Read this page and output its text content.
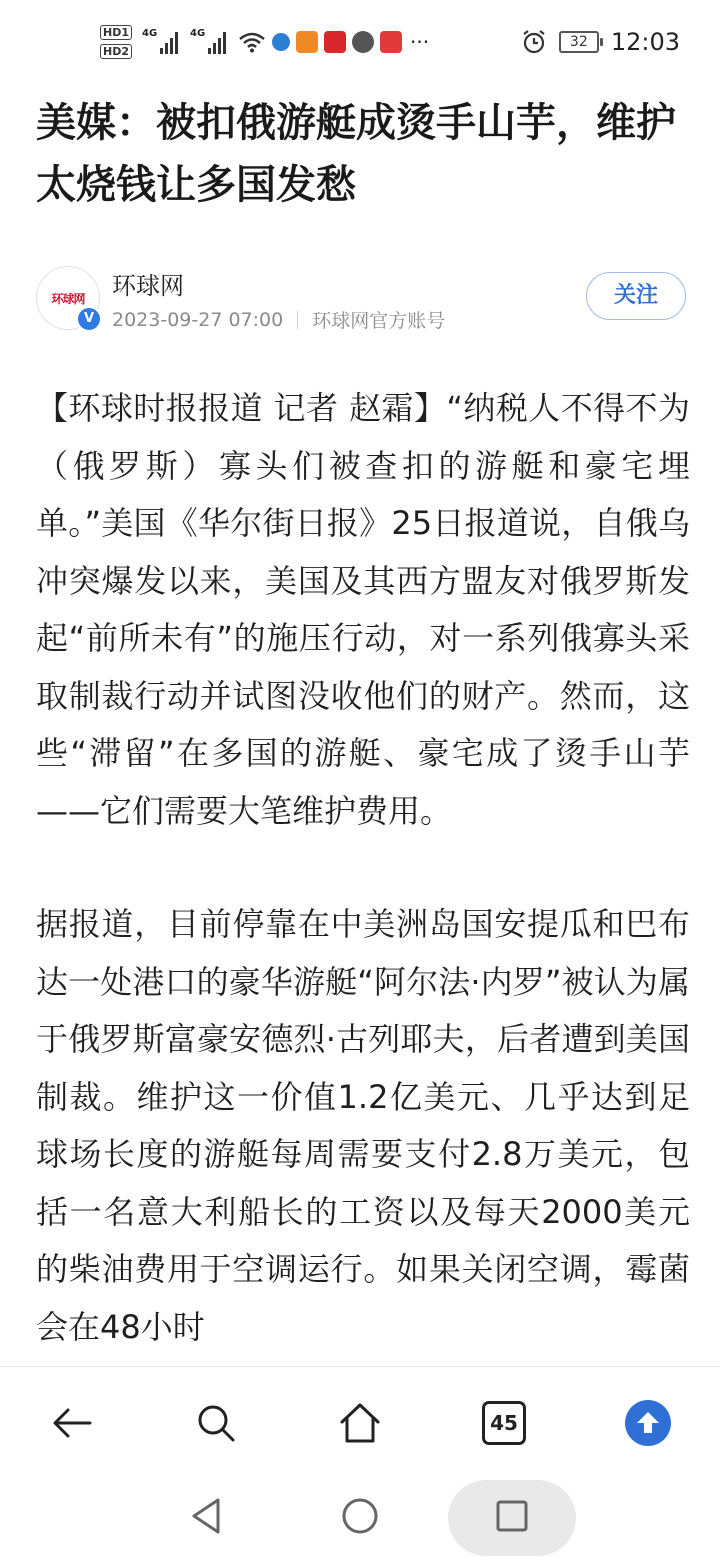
HD1
HD2
4G	4G	···	32 12:03
美媒：被扣俄游艇成烫手山芋，维护太烧钱让多国发愁
环球网
V
环球网
2023-09-27 07:00 环球网官方账号
关注

【环球时报报道 记者 赵霜】“纳税人不得不为（俄罗斯）寡头们被查扣的游艇和豪宅埋单。”美国《华尔街日报》25日报道说，自俄乌冲突爆发以来，美国及其西方盟友对俄罗斯发起“前所未有”的施压行动，对一系列俄寡头采取制裁行动并试图没收他们的财产。然而，这些“滞留”在多国的游艇、豪宅成了烫手山芋——它们需要大笔维护费用。

据报道，目前停靠在中美洲岛国安提瓜和巴布达一处港口的豪华游艇“阿尔法·内罗”被认为属于俄罗斯富豪安德烈·古列耶夫，后者遭到美国制裁。维护这一价值1.2亿美元、几乎达到足球场长度的游艇每周需要支付2.8万美元，包括一名意大利船长的工资以及每天2000美元的柴油费用于空调运行。如果关闭空调，霉菌会在48小时

45
